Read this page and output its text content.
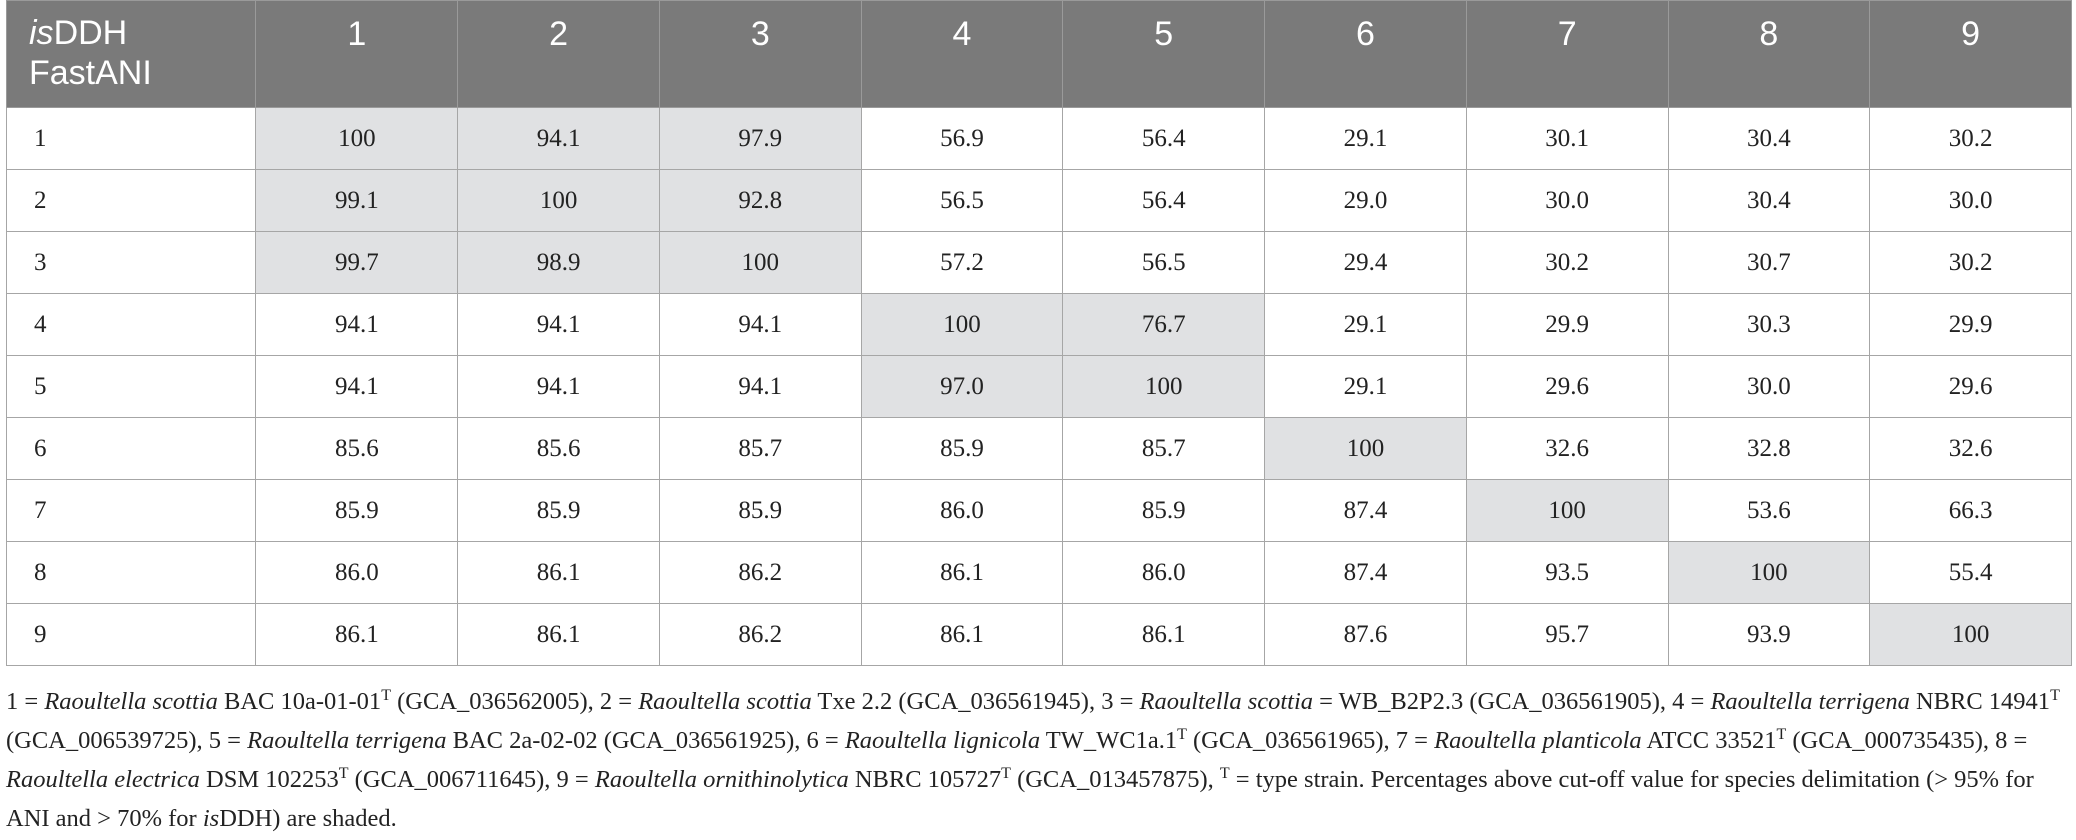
isDDH
FastANI	1	2	3	4	5	6	7	8	9
1	100	94.1	97.9	56.9	56.4	29.1	30.1	30.4	30.2
2	99.1	100	92.8	56.5	56.4	29.0	30.0	30.4	30.0
3	99.7	98.9	100	57.2	56.5	29.4	30.2	30.7	30.2
4	94.1	94.1	94.1	100	76.7	29.1	29.9	30.3	29.9
5	94.1	94.1	94.1	97.0	100	29.1	29.6	30.0	29.6
6	85.6	85.6	85.7	85.9	85.7	100	32.6	32.8	32.6
7	85.9	85.9	85.9	86.0	85.9	87.4	100	53.6	66.3
8	86.0	86.1	86.2	86.1	86.0	87.4	93.5	100	55.4
9	86.1	86.1	86.2	86.1	86.1	87.6	95.7	93.9	100
1 = Raoultella scottia BAC $10a-01-01^T$ (GCA_036562005), 2 = Raoultella scottia Txe 2.2 (GCA_036561945), 3 = Raoultella scottia = WB_B2P2.3 (GCA_036561905), 4 = Raoultella terrigena NBRC $14941^T$ (GCA_006539725), 5 = Raoultella terrigena BAC 2a-02-02 (GCA_036561925), 6 = Raoultella lignicola $TW\_WC1a.1^T$ (GCA_036561965), 7 = Raoultella planticola ATCC $33521^T$ (GCA_000735435), 8 = Raoultella electrica DSM $102253^T$ (GCA_006711645), 9 = Raoultella ornithinolytica NBRC $105727^T$ (GCA_013457875), $^T$ = type strain. Percentages above cut-off value for species delimitation (> 95% for ANI and > 70% for isDDH) are shaded.
